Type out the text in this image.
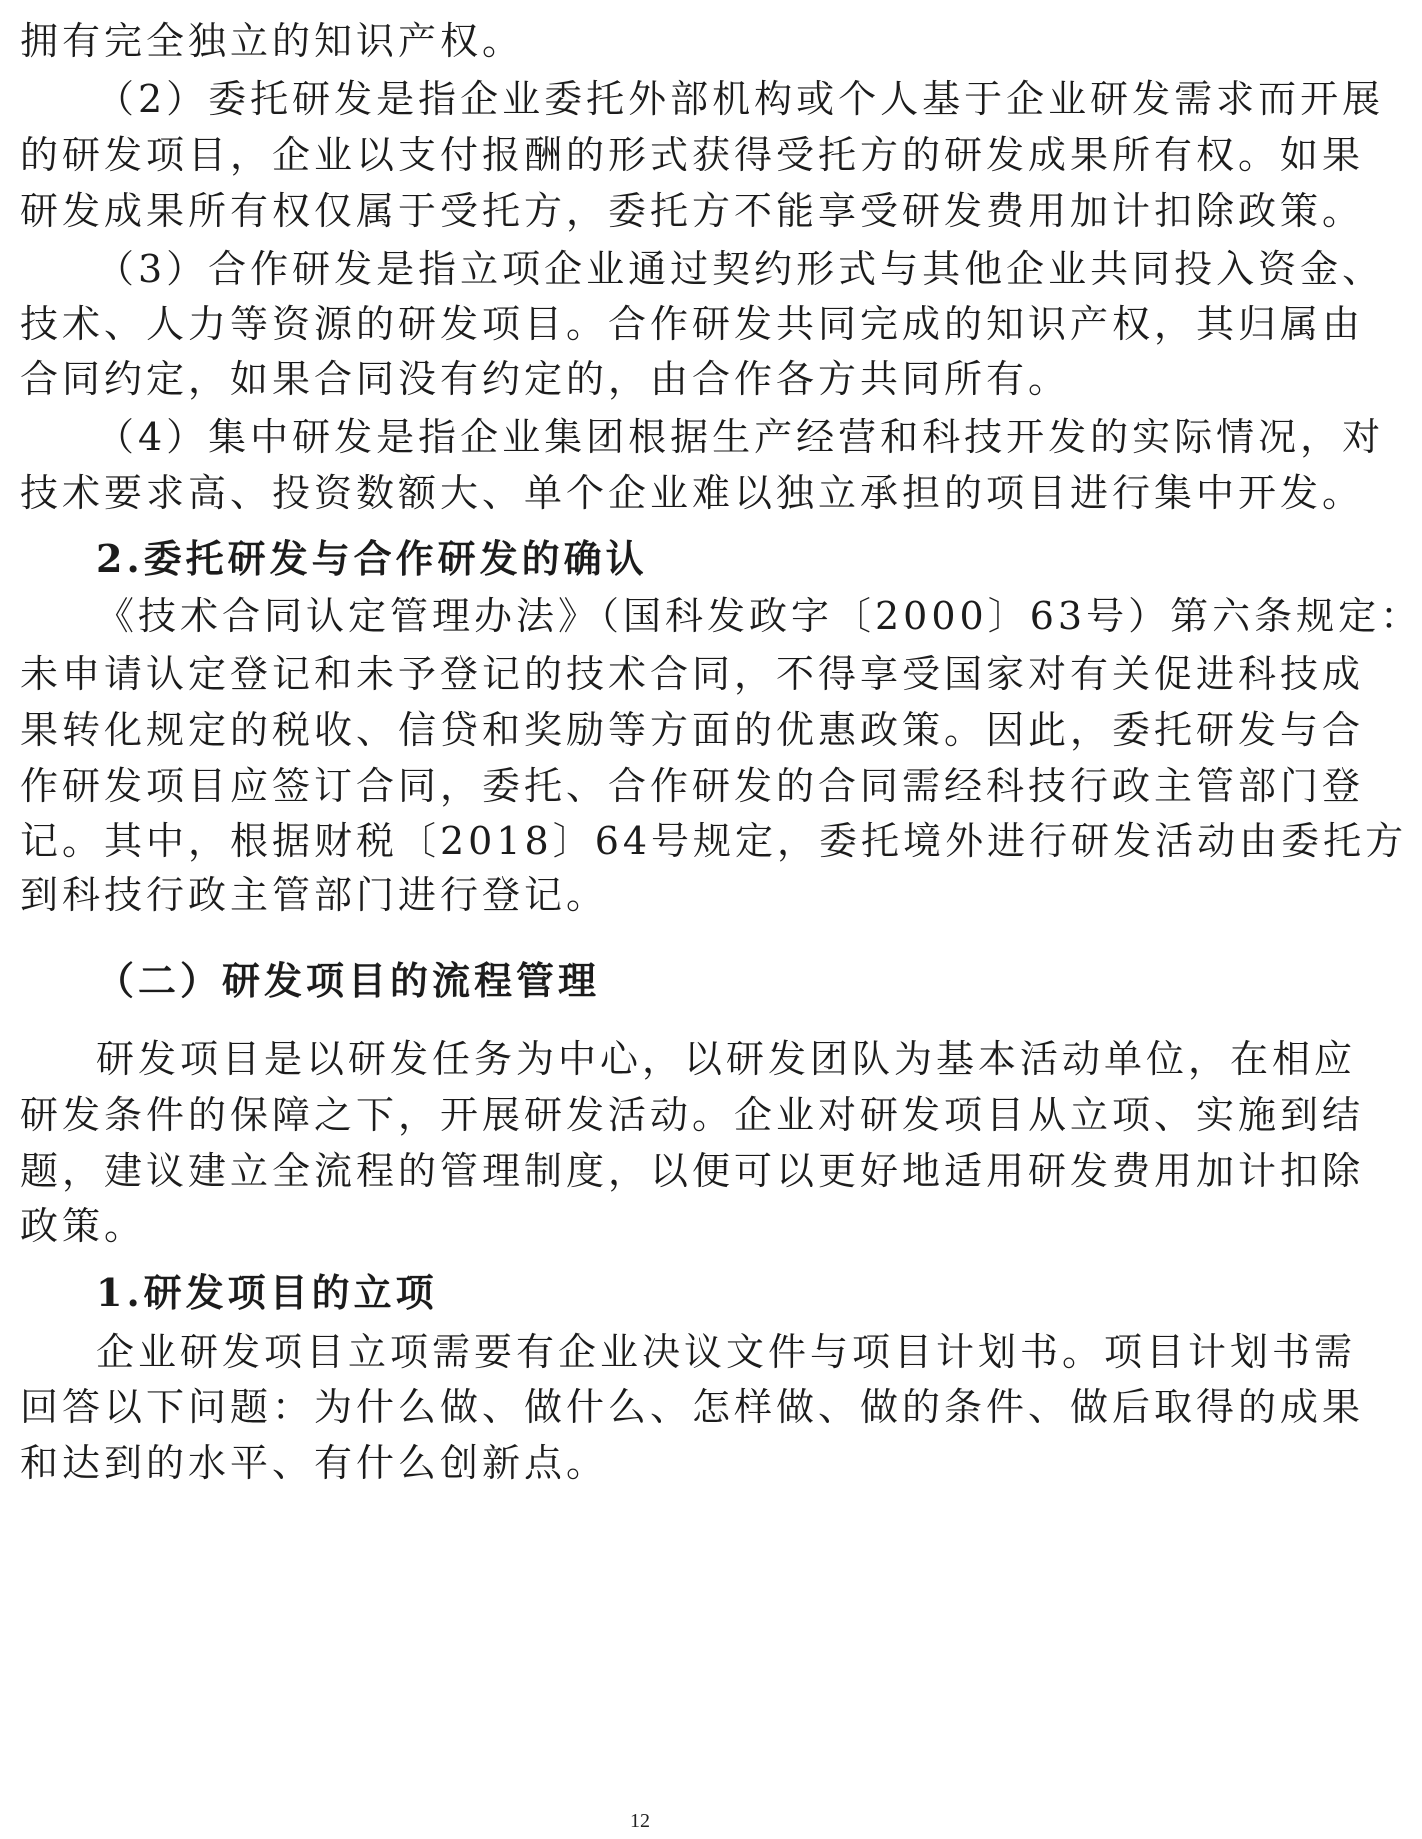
拥有完全独立的知识产权。
（2）委托研发是指企业委托外部机构或个人基于企业研发需求而开展
的研发项目，企业以支付报酬的形式获得受托方的研发成果所有权。如果
研发成果所有权仅属于受托方，委托方不能享受研发费用加计扣除政策。
（3）合作研发是指立项企业通过契约形式与其他企业共同投入资金、
技术、人力等资源的研发项目。合作研发共同完成的知识产权，其归属由
合同约定，如果合同没有约定的，由合作各方共同所有。
（4）集中研发是指企业集团根据生产经营和科技开发的实际情况，对
技术要求高、投资数额大、单个企业难以独立承担的项目进行集中开发。
2.委托研发与合作研发的确认
《技术合同认定管理办法》（国科发政字〔2000〕63号）第六条规定：
未申请认定登记和未予登记的技术合同，不得享受国家对有关促进科技成
果转化规定的税收、信贷和奖励等方面的优惠政策。因此，委托研发与合
作研发项目应签订合同，委托、合作研发的合同需经科技行政主管部门登
记。其中，根据财税〔2018〕64号规定，委托境外进行研发活动由委托方
到科技行政主管部门进行登记。
（二）研发项目的流程管理
研发项目是以研发任务为中心，以研发团队为基本活动单位，在相应
研发条件的保障之下，开展研发活动。企业对研发项目从立项、实施到结
题，建议建立全流程的管理制度，以便可以更好地适用研发费用加计扣除
政策。
1.研发项目的立项
企业研发项目立项需要有企业决议文件与项目计划书。项目计划书需
回答以下问题：为什么做、做什么、怎样做、做的条件、做后取得的成果
和达到的水平、有什么创新点。
12
